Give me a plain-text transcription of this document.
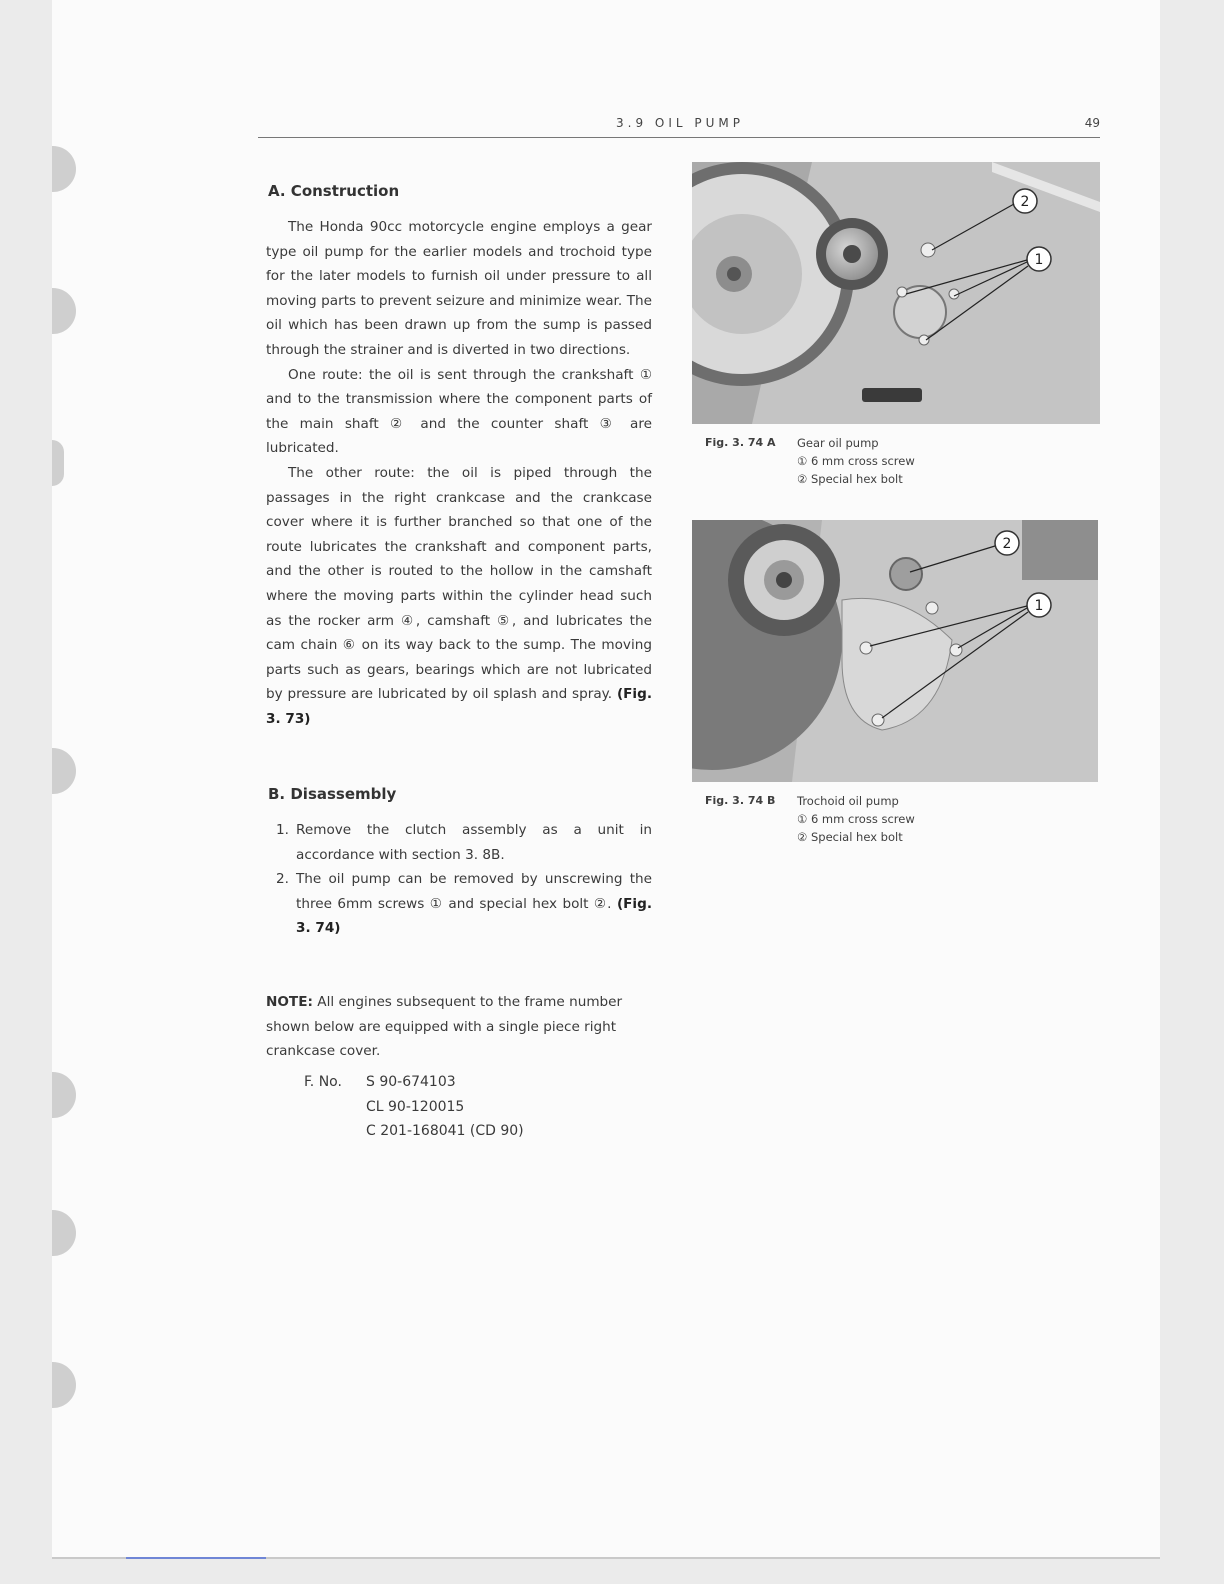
3.9 OIL PUMP	49
A. Construction

The Honda 90cc motorcycle engine employs a gear type oil pump for the earlier models and trochoid type for the later models to furnish oil under pressure to all moving parts to prevent seizure and minimize wear. The oil which has been drawn up from the sump is passed through the strainer and is diverted in two directions.

One route: the oil is sent through the crankshaft ① and to the transmission where the component parts of the main shaft ② and the counter shaft ③ are lubricated.

The other route: the oil is piped through the passages in the right crankcase and the crankcase cover where it is further branched so that one of the route lubricates the crankshaft and component parts, and the other is routed to the hollow in the camshaft where the moving parts within the cylinder head such as the rocker arm ④, camshaft ⑤, and lubricates the cam chain ⑥ on its way back to the sump. The moving parts such as gears, bearings which are not lubricated by pressure are lubricated by oil splash and spray. (Fig. 3. 73)

B. Disassembly
1. Remove the clutch assembly as a unit in accordance with section 3. 8B.
2. The oil pump can be removed by unscrewing the three 6mm screws ① and special hex bolt ②. (Fig. 3. 74)
NOTE: All engines subsequent to the frame number shown below are equipped with a single piece right crankcase cover.
F. No.	S 90-674103
CL 90-120015
C 201-168041 (CD 90)
2
1
Fig. 3. 74 A Gear oil pump
① 6 mm cross screw
② Special hex bolt
2
1
Fig. 3. 74 B Trochoid oil pump
① 6 mm cross screw
② Special hex bolt
